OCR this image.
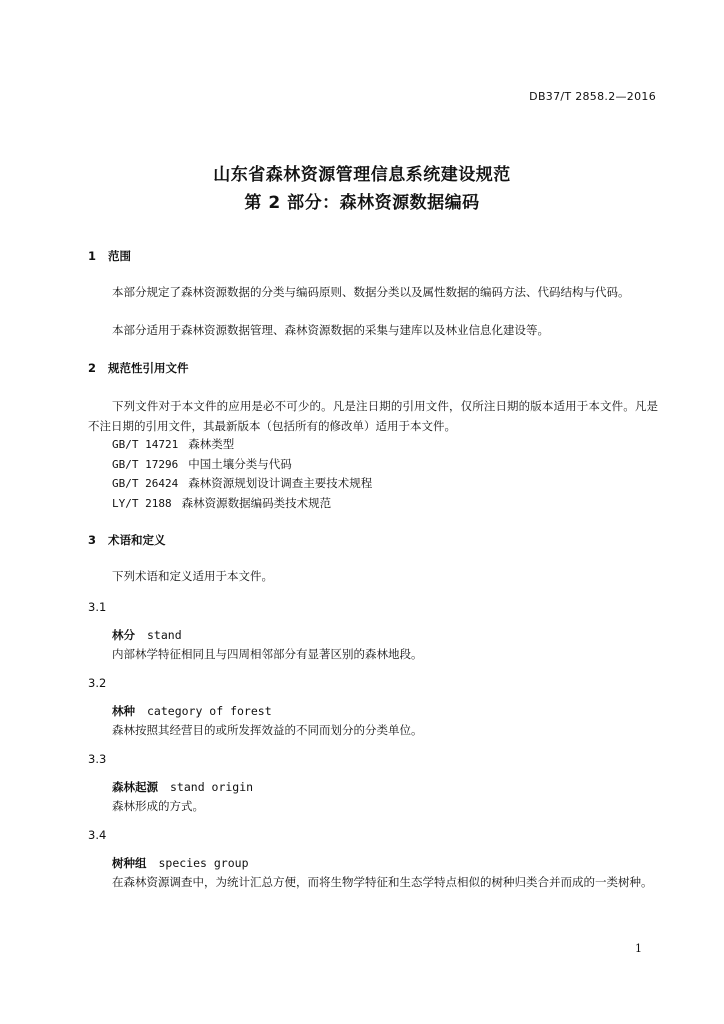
DB37/T 2858.2—2016
山东省森林资源管理信息系统建设规范
第 2 部分：森林资源数据编码
1 范围
本部分规定了森林资源数据的分类与编码原则、数据分类以及属性数据的编码方法、代码结构与代码。
本部分适用于森林资源数据管理、森林资源数据的采集与建库以及林业信息化建设等。
2 规范性引用文件
下列文件对于本文件的应用是必不可少的。凡是注日期的引用文件，仅所注日期的版本适用于本文件。凡是不注日期的引用文件，其最新版本（包括所有的修改单）适用于本文件。
GB/T 14721 森林类型
GB/T 17296 中国土壤分类与代码
GB/T 26424 森林资源规划设计调查主要技术规程
LY/T 2188 森林资源数据编码类技术规范
3 术语和定义
下列术语和定义适用于本文件。
3.1
林分 stand
内部林学特征相同且与四周相邻部分有显著区别的森林地段。
3.2
林种 category of forest
森林按照其经营目的或所发挥效益的不同而划分的分类单位。
3.3
森林起源 stand origin
森林形成的方式。
3.4
树种组 species group
在森林资源调查中，为统计汇总方便，而将生物学特征和生态学特点相似的树种归类合并而成的一类树种。
1
